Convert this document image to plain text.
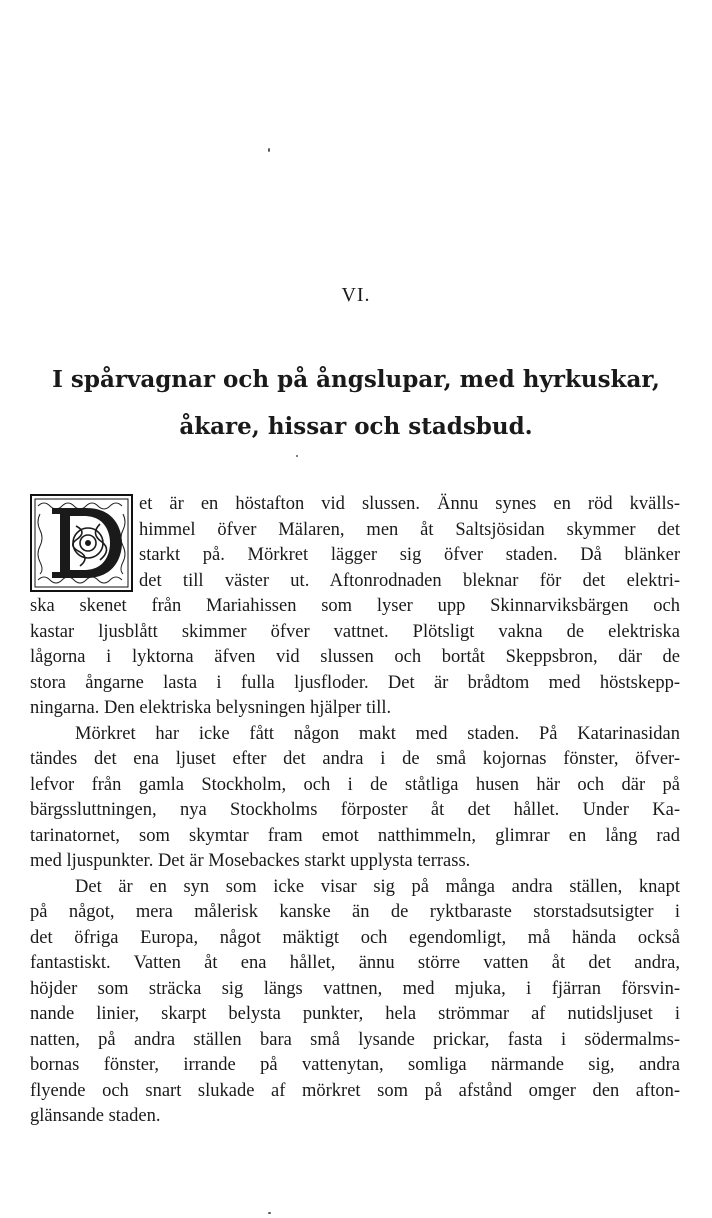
VI.
I spårvagnar och på ångslupar, med hyrkuskar,
åkare, hissar och stadsbud.

et är en höstafton vid slussen. Ännu synes en röd kvälls-
himmel öfver Mälaren, men åt Saltsjösidan skymmer det
starkt på. Mörkret lägger sig öfver staden. Då blänker
det till väster ut. Aftonrodnaden bleknar för det elektri-
ska skenet från Mariahissen som lyser upp Skinnarviksbärgen och
kastar ljusblått skimmer öfver vattnet. Plötsligt vakna de elektriska
lågorna i lyktorna äfven vid slussen och bortåt Skeppsbron, där de
stora ångarne lasta i fulla ljusfloder. Det är brådtom med höstskepp-
ningarna. Den elektriska belysningen hjälper till.

Mörkret har icke fått någon makt med staden. På Katarinasidan
tändes det ena ljuset efter det andra i de små kojornas fönster, öfver-
lefvor från gamla Stockholm, och i de ståtliga husen här och där på
bärgssluttningen, nya Stockholms förposter åt det hållet. Under Ka-
tarinatornet, som skymtar fram emot natthimmeln, glimrar en lång rad
med ljuspunkter. Det är Mosebackes starkt upplysta terrass.

Det är en syn som icke visar sig på många andra ställen, knapt
på något, mera målerisk kanske än de ryktbaraste storstadsutsigter i
det öfriga Europa, något mäktigt och egendomligt, må hända också
fantastiskt. Vatten åt ena hållet, ännu större vatten åt det andra,
höjder som sträcka sig längs vattnen, med mjuka, i fjärran försvin-
nande linier, skarpt belysta punkter, hela strömmar af nutidsljuset i
natten, på andra ställen bara små lysande prickar, fasta i södermalms-
bornas fönster, irrande på vattenytan, somliga närmande sig, andra
flyende och snart slukade af mörkret som på afstånd omger den afton-
glänsande staden.
